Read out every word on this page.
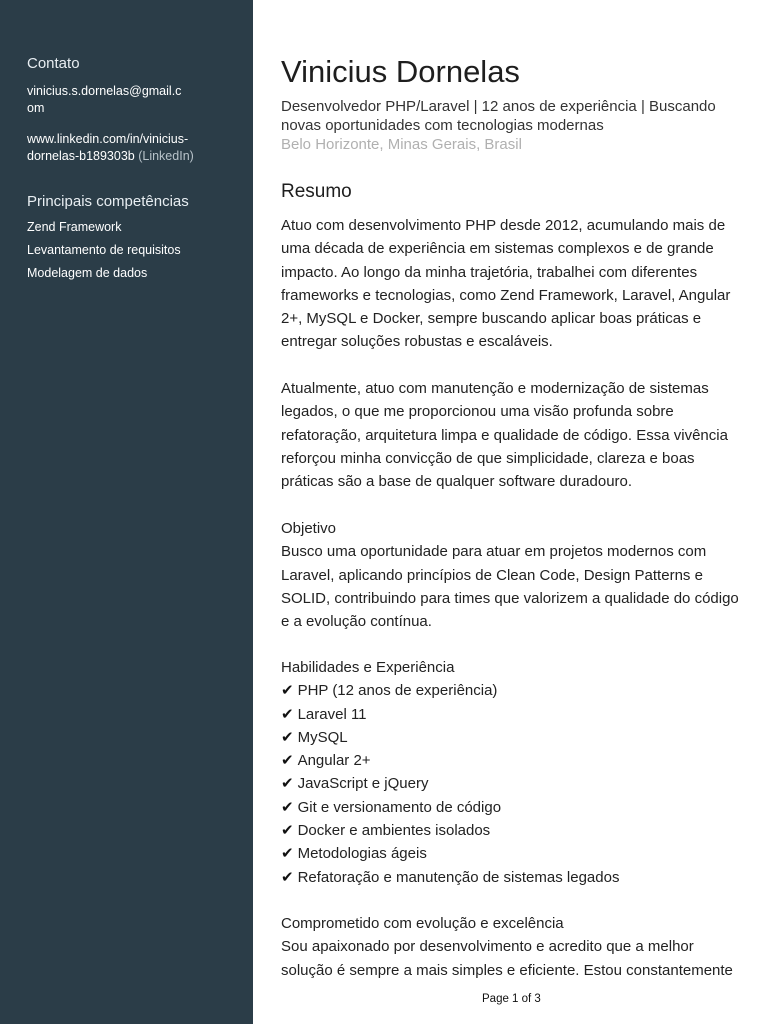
Contato
vinicius.s.dornelas@gmail.c
om
www.linkedin.com/in/vinicius-
dornelas-b189303b (LinkedIn)
Principais competências
Zend Framework
Levantamento de requisitos
Modelagem de dados
Vinicius Dornelas
Desenvolvedor PHP/Laravel | 12 anos de experiência | Buscando novas oportunidades com tecnologias modernas
Belo Horizonte, Minas Gerais, Brasil
Resumo
Atuo com desenvolvimento PHP desde 2012, acumulando mais de
uma década de experiência em sistemas complexos e de grande
impacto. Ao longo da minha trajetória, trabalhei com diferentes
frameworks e tecnologias, como Zend Framework, Laravel, Angular
2+, MySQL e Docker, sempre buscando aplicar boas práticas e
entregar soluções robustas e escaláveis.
Atualmente, atuo com manutenção e modernização de sistemas
legados, o que me proporcionou uma visão profunda sobre
refatoração, arquitetura limpa e qualidade de código. Essa vivência
reforçou minha convicção de que simplicidade, clareza e boas
práticas são a base de qualquer software duradouro.
Objetivo
Busco uma oportunidade para atuar em projetos modernos com
Laravel, aplicando princípios de Clean Code, Design Patterns e
SOLID, contribuindo para times que valorizem a qualidade do código
e a evolução contínua.
Habilidades e Experiência
✔ PHP (12 anos de experiência)
✔ Laravel 11
✔ MySQL
✔ Angular 2+
✔ JavaScript e jQuery
✔ Git e versionamento de código
✔ Docker e ambientes isolados
✔ Metodologias ágeis
✔ Refatoração e manutenção de sistemas legados
Comprometido com evolução e excelência
Sou apaixonado por desenvolvimento e acredito que a melhor
solução é sempre a mais simples e eficiente. Estou constantemente
Page 1 of 3
